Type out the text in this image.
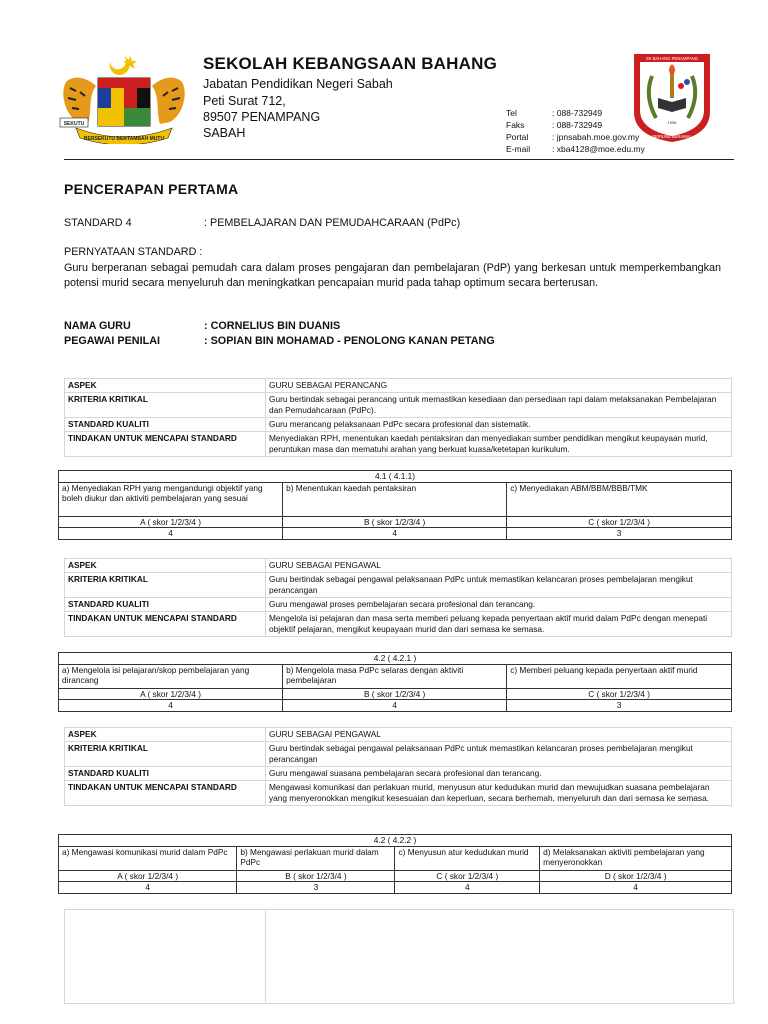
BERSEKUTU BERTAMBAH MUTU
SEKUTU
SEKOLAH KEBANGSAAN BAHANG
Jabatan Pendidikan Negeri Sabah
Peti Surat 712,
89507 PENAMPANG
SABAH
Tel	: 088-732949
Faks	: 088-732949
Portal	: jpnsabah.moe.gov.my
E-mail	: xba4128@moe.edu.my
SK BAHANG PENAMPANG
1958
BERILMU BERAMAL
PENCERAPAN PERTAMA
STANDARD 4	: PEMBELAJARAN DAN PEMUDAHCARAAN (PdPc)
PERNYATAAN STANDARD :
Guru berperanan sebagai pemudah cara dalam proses pengajaran dan pembelajaran (PdP) yang berkesan untuk memperkembangkan potensi murid secara menyeluruh dan meningkatkan pencapaian murid pada tahap optimum secara berterusan.
NAMA GURU	: CORNELIUS BIN DUANIS
PEGAWAI PENILAI	: SOPIAN BIN MOHAMAD - PENOLONG KANAN PETANG
ASPEK	GURU SEBAGAI PERANCANG
KRITERIA KRITIKAL	Guru bertindak sebagai perancang untuk memastikan kesediaan dan persediaan rapi dalam melaksanakan Pembelajaran dan Pemudahcaraan (PdPc).
STANDARD KUALITI	Guru merancang pelaksanaan PdPc secara profesional dan sistematik.
TINDAKAN UNTUK MENCAPAI STANDARD	Menyediakan RPH, menentukan kaedah pentaksiran dan menyediakan sumber pendidikan mengikut keupayaan murid, peruntukan masa dan mematuhi arahan yang berkuat kuasa/ketetapan kurikulum.
4.1 ( 4.1.1)		
a) Menyediakan RPH yang mengandungi objektif yang boleh diukur dan aktiviti pembelajaran yang sesuai	b) Menentukan kaedah pentaksiran	c) Menyediakan ABM/BBM/BBB/TMK
A ( skor 1/2/3/4 )	B ( skor 1/2/3/4 )	C ( skor 1/2/3/4 )
4	4	3
ASPEK	GURU SEBAGAI PENGAWAL
KRITERIA KRITIKAL	Guru bertindak sebagai pengawal pelaksanaan PdPc untuk memastikan kelancaran proses pembelajaran mengikut perancangan
STANDARD KUALITI	Guru mengawal proses pembelajaran secara profesional dan terancang.
TINDAKAN UNTUK MENCAPAI STANDARD	Mengelola isi pelajaran dan masa serta memberi peluang kepada penyertaan aktif murid dalam PdPc dengan menepati objektif pelajaran, mengikut keupayaan murid dan dari semasa ke semasa.
4.2 ( 4.2.1 )		
a) Mengelola isi pelajaran/skop pembelajaran yang dirancang	b) Mengelola masa PdPc selaras dengan aktiviti pembelajaran	c) Memberi peluang kepada penyertaan aktif murid
A ( skor 1/2/3/4 )	B ( skor 1/2/3/4 )	C ( skor 1/2/3/4 )
4	4	3
ASPEK	GURU SEBAGAI PENGAWAL
KRITERIA KRITIKAL	Guru bertindak sebagai pengawal pelaksanaan PdPc untuk memastikan kelancaran proses pembelajaran mengikut perancangan
STANDARD KUALITI	Guru mengawal suasana pembelajaran secara profesional dan terancang.
TINDAKAN UNTUK MENCAPAI STANDARD	Mengawasi komunikasi dan perlakuan murid, menyusun atur kedudukan murid dan mewujudkan suasana pembelajaran yang menyeronokkan mengikut kesesuaian dan keperluan, secara berhemah, menyeluruh dan dari semasa ke semasa.
4.2 ( 4.2.2 )			
a) Mengawasi komunikasi murid dalam PdPc	b) Mengawasi perlakuan murid dalam PdPc	c) Menyusun atur kedudukan murid	d) Melaksanakan aktiviti pembelajaran yang menyeronokkan
A ( skor 1/2/3/4 )	B ( skor 1/2/3/4 )	C ( skor 1/2/3/4 )	D ( skor 1/2/3/4 )
4	3	4	4
